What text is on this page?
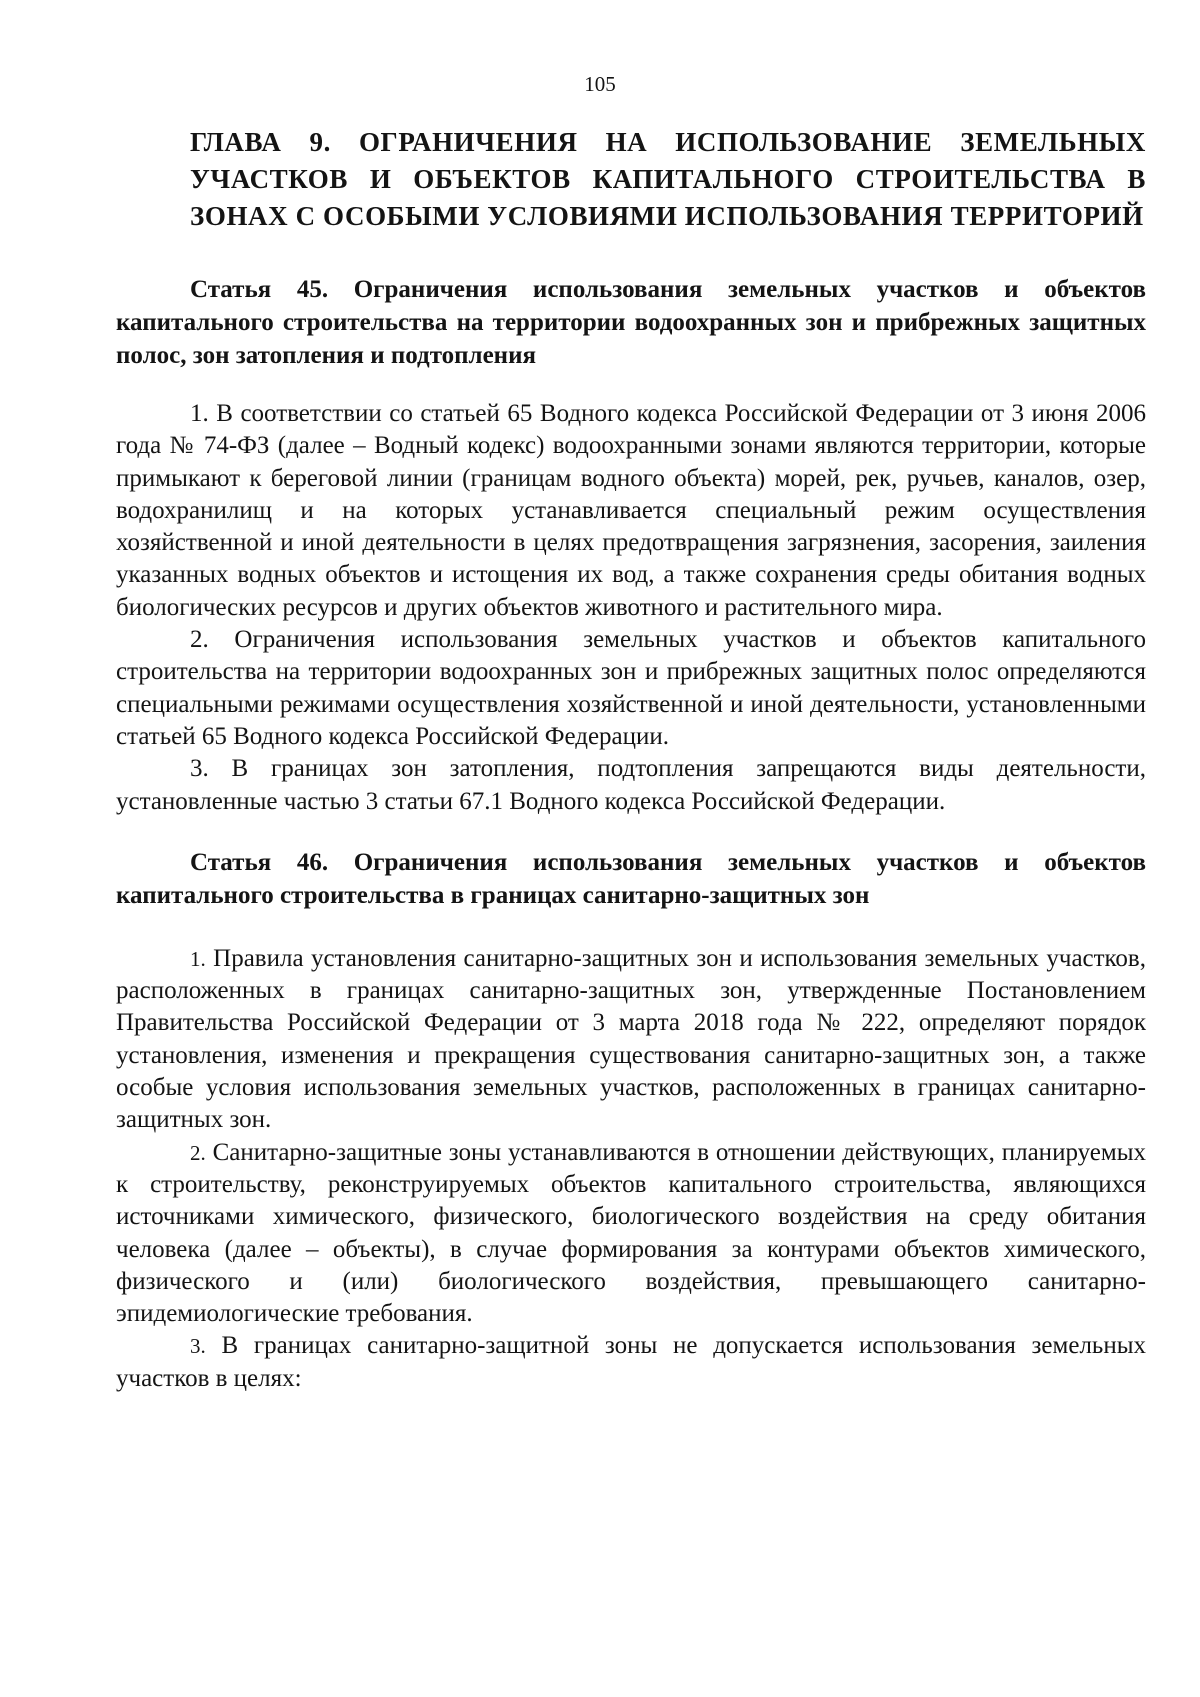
105
ГЛАВА 9. ОГРАНИЧЕНИЯ НА ИСПОЛЬЗОВАНИЕ ЗЕМЕЛЬНЫХ УЧАСТКОВ И ОБЪЕКТОВ КАПИТАЛЬНОГО СТРОИТЕЛЬСТВА В ЗОНАХ С ОСОБЫМИ УСЛОВИЯМИ ИСПОЛЬЗОВАНИЯ ТЕРРИТОРИЙ
Статья 45. Ограничения использования земельных участков и объектов капитального строительства на территории водоохранных зон и прибрежных защитных полос, зон затопления и подтопления

1. В соответствии со статьей 65 Водного кодекса Российской Федерации от 3 июня 2006 года № 74-ФЗ (далее – Водный кодекс) водоохранными зонами являются территории, которые примыкают к береговой линии (границам водного объекта) морей, рек, ручьев, каналов, озер, водохранилищ и на которых устанавливается специальный режим осуществления хозяйственной и иной деятельности в целях предотвращения загрязнения, засорения, заиления указанных водных объектов и истощения их вод, а также сохранения среды обитания водных биологических ресурсов и других объектов животного и растительного мира.

2. Ограничения использования земельных участков и объектов капитального строительства на территории водоохранных зон и прибрежных защитных полос определяются специальными режимами осуществления хозяйственной и иной деятельности, установленными статьей 65 Водного кодекса Российской Федерации.

3. В границах зон затопления, подтопления запрещаются виды деятельности, установленные частью 3 статьи 67.1 Водного кодекса Российской Федерации.

Статья 46. Ограничения использования земельных участков и объектов капитального строительства в границах санитарно-защитных зон

1. Правила установления санитарно-защитных зон и использования земельных участков, расположенных в границах санитарно-защитных зон, утвержденные Постановлением Правительства Российской Федерации от 3 марта 2018 года № 222, определяют порядок установления, изменения и прекращения существования санитарно-защитных зон, а также особые условия использования земельных участков, расположенных в границах санитарно-защитных зон.

2. Санитарно-защитные зоны устанавливаются в отношении действующих, планируемых к строительству, реконструируемых объектов капитального строительства, являющихся источниками химического, физического, биологического воздействия на среду обитания человека (далее – объекты), в случае формирования за контурами объектов химического, физического и (или) биологического воздействия, превышающего санитарно-эпидемиологические требования.

3. В границах санитарно-защитной зоны не допускается использования земельных участков в целях:
